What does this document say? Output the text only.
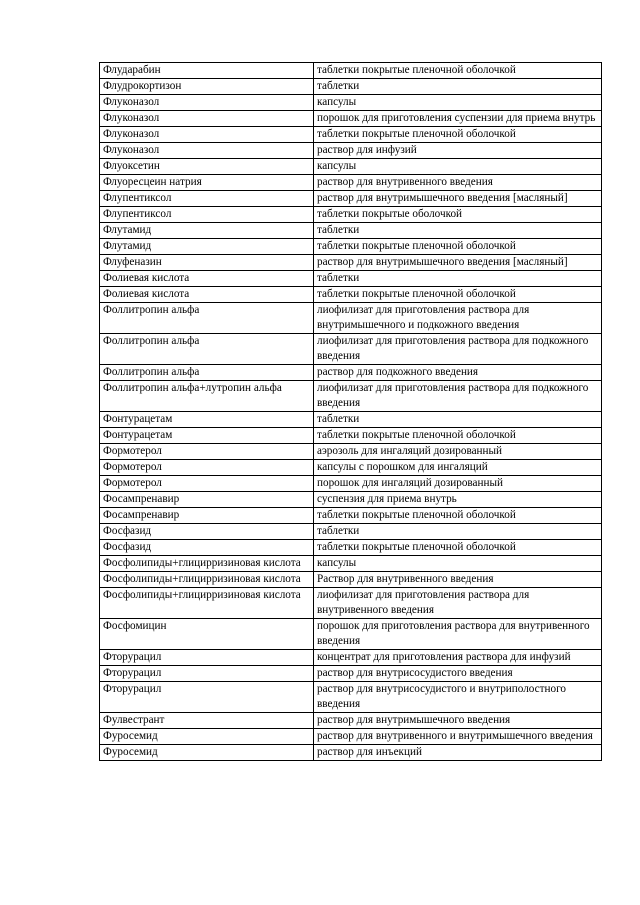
Флударабин	таблетки покрытые пленочной оболочкой
Флудрокортизон	таблетки
Флуконазол	капсулы
Флуконазол	порошок для приготовления суспензии для приема внутрь
Флуконазол	таблетки покрытые пленочной оболочкой
Флуконазол	раствор для инфузий
Флуоксетин	капсулы
Флуоресцеин натрия	раствор для внутривенного введения
Флупентиксол	раствор для внутримышечного введения [масляный]
Флупентиксол	таблетки покрытые оболочкой
Флутамид	таблетки
Флутамид	таблетки покрытые пленочной оболочкой
Флуфеназин	раствор для внутримышечного введения [масляный]
Фолиевая кислота	таблетки
Фолиевая кислота	таблетки покрытые пленочной оболочкой
Фоллитропин альфа	лиофилизат для приготовления раствора для внутримышечного и подкожного введения
Фоллитропин альфа	лиофилизат для приготовления раствора для подкожного введения
Фоллитропин альфа	раствор для подкожного введения
Фоллитропин альфа+лутропин альфа	лиофилизат для приготовления раствора для подкожного введения
Фонтурацетам	таблетки
Фонтурацетам	таблетки покрытые пленочной оболочкой
Формотерол	аэрозоль для ингаляций дозированный
Формотерол	капсулы с порошком для ингаляций
Формотерол	порошок для ингаляций дозированный
Фосампренавир	суспензия для приема внутрь
Фосампренавир	таблетки покрытые пленочной оболочкой
Фосфазид	таблетки
Фосфазид	таблетки покрытые пленочной оболочкой
Фосфолипиды+глицирризиновая кислота	капсулы
Фосфолипиды+глицирризиновая кислота	Раствор для внутривенного введения
Фосфолипиды+глицирризиновая кислота	лиофилизат для приготовления раствора для внутривенного введения
Фосфомицин	порошок для приготовления раствора для внутривенного введения
Фторурацил	концентрат для приготовления раствора для инфузий
Фторурацил	раствор для внутрисосудистого введения
Фторурацил	раствор для внутрисосудистого и внутриполостного введения
Фулвестрант	раствор для внутримышечного введения
Фуросемид	раствор для внутривенного и внутримышечного введения
Фуросемид	раствор для инъекций
